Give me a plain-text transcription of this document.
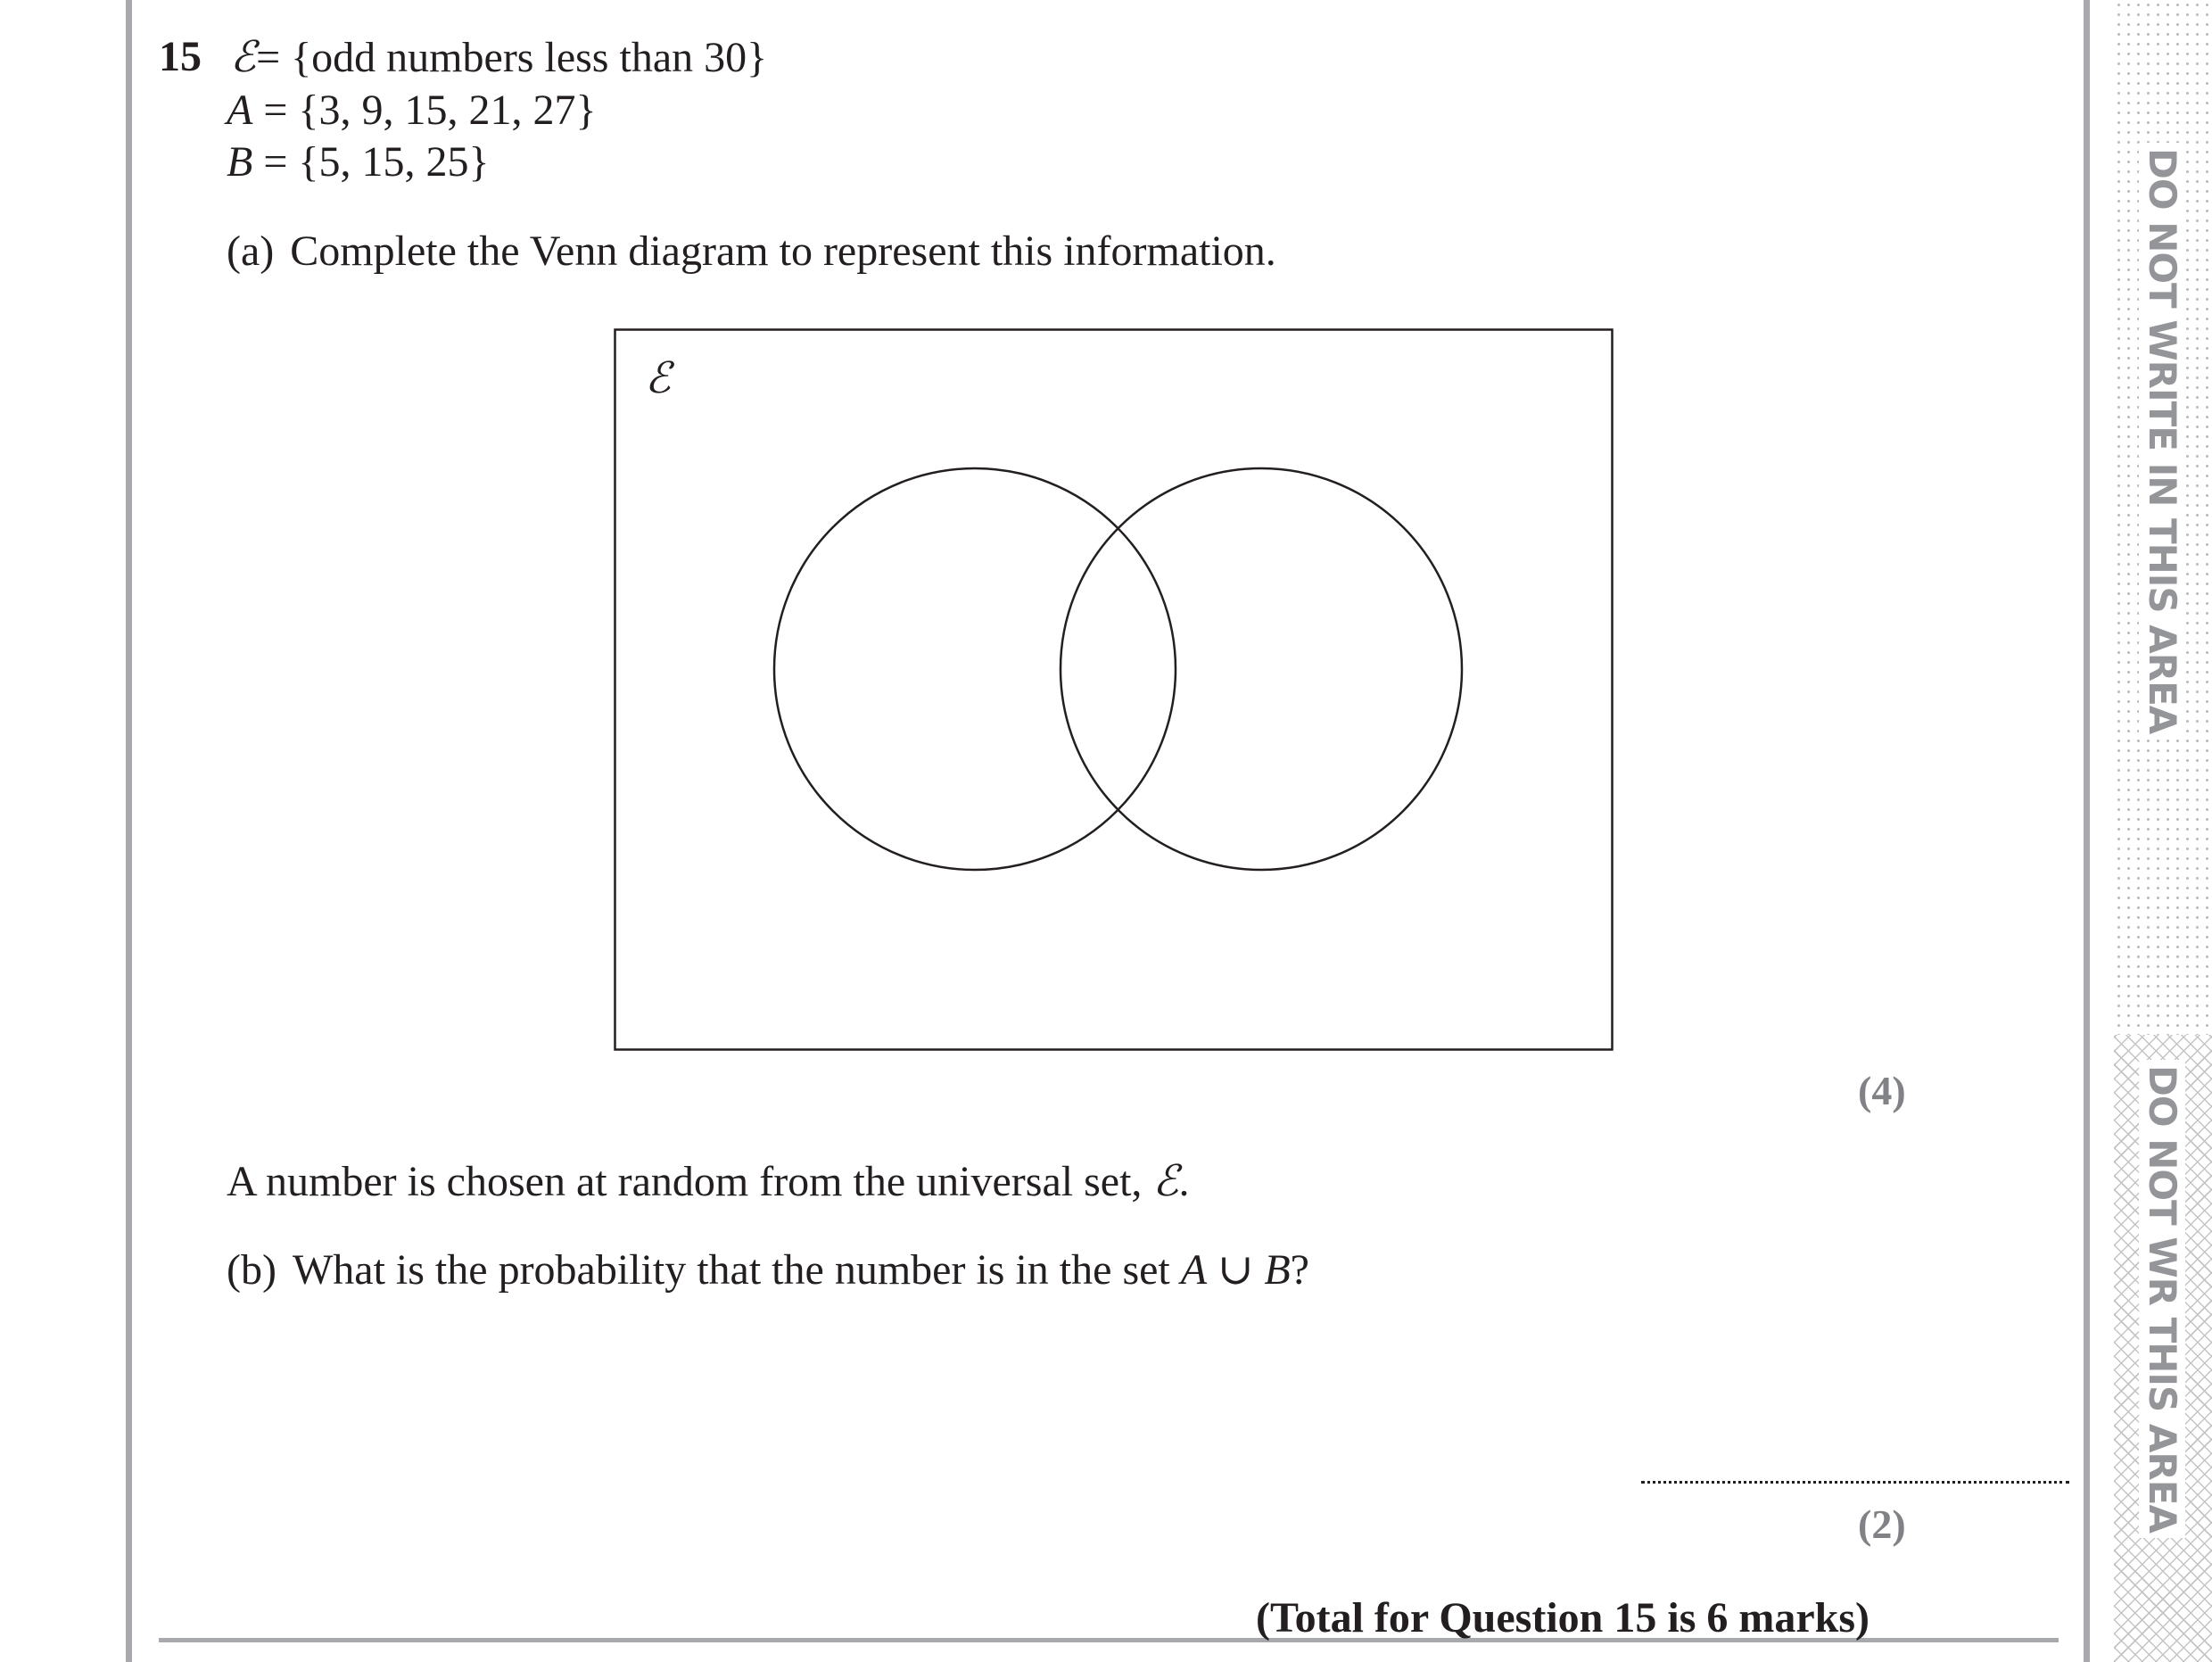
DO NOT WRITE IN THIS AREA
DO NOT WR THIS AREA
15 ℰ= {odd numbers less than 30}
A = {3, 9, 15, 21, 27}
B = {5, 15, 25}
(a) Complete the Venn diagram to represent this information.
ℰ
(4)
A number is chosen at random from the universal set, ℰ.
(b) What is the probability that the number is in the set A ∪ B?
(2)
(Total for Question 15 is 6 marks)
